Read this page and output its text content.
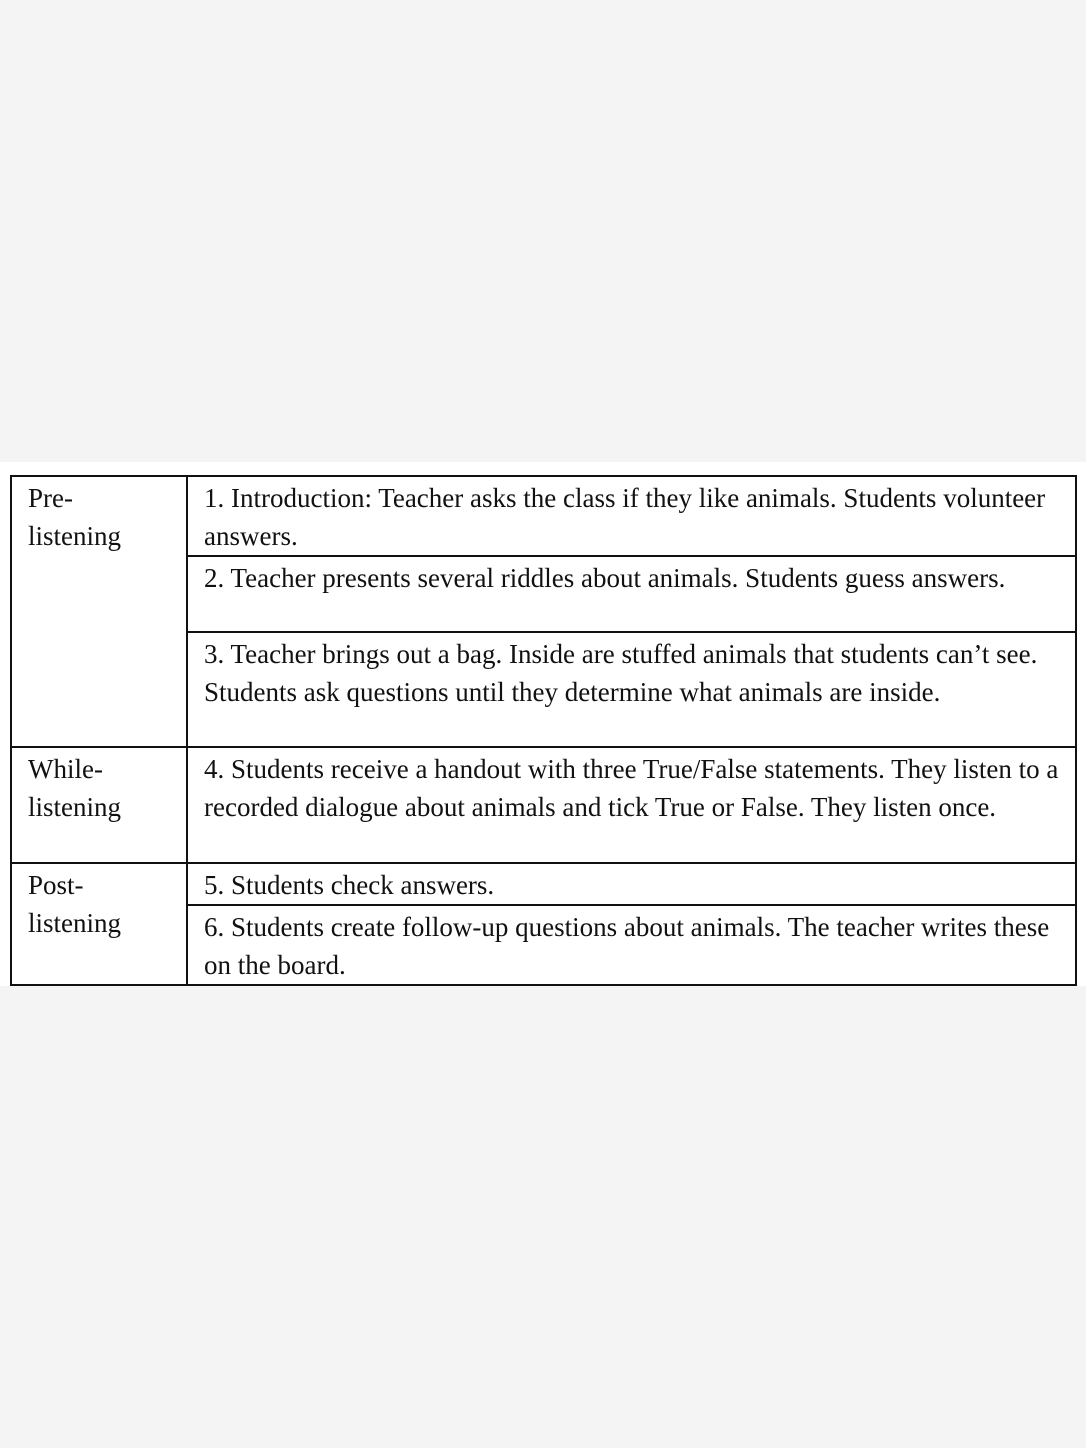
Pre-
listening	1. Introduction: Teacher asks the class if they like animals. Students volunteer answers.

	2. Teacher presents several riddles about animals. Students guess answers.

	3. Teacher brings out a bag. Inside are stuffed animals that students can’t see. Students ask questions until they determine what animals are inside.

While-
listening	4. Students receive a handout with three True/False statements. They listen to a recorded dialogue about animals and tick True or False. They listen once.

Post-
listening	5. Students check answers.

	6. Students create follow-up questions about animals. The teacher writes these on the board.
